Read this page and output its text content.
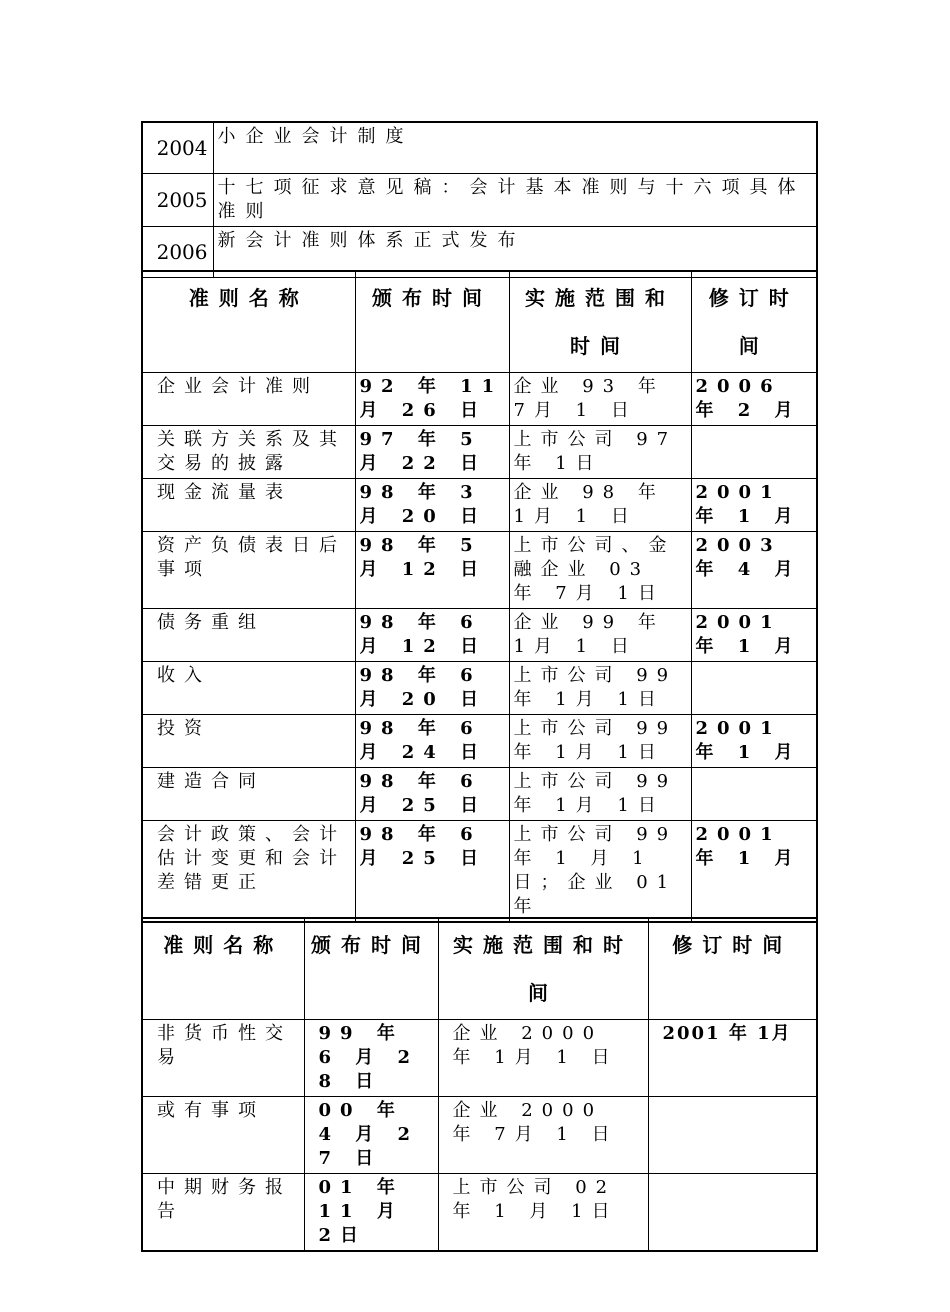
2004	小企业会计制度
2005	十七项征求意见稿：会计基本准则与十六项具体准则
2006	新会计准则体系正式发布
准则名称	颁布时间	实施范围和时间	修订时间
企业会计准则	92 年 11 月 26 日	企业 93 年 7月 1 日	2006 年 2 月
关联方关系及其交易的披露	97 年 5 月 22 日	上市公司 97 年 1日	
现金流量表	98 年 3 月 20 日	企业 98 年 1月 1 日	2001 年 1 月
资产负债表日后事项	98 年 5 月 12 日	上市公司、金融企业 03 年 7月 1日	2003 年 4 月
债务重组	98 年 6 月 12 日	企业 99 年 1月 1 日	2001 年 1 月
收入	98 年 6 月 20 日	上市公司 99 年 1月 1日	
投资	98 年 6 月 24 日	上市公司 99 年 1月 1日	2001 年 1 月
建造合同	98 年 6 月 25 日	上市公司 99 年 1月 1日	
会计政策、会计估计变更和会计差错更正	98 年 6 月 25 日	上市公司 99 年 1 月 1 日；企业 01 年	2001 年 1 月
准则名称	颁布时间	实施范围和时间	修订时间
非货币性交易	99 年 6 月 28 日	企业 2000 年 1月 1 日	2001 年 1月
或有事项	00 年 4 月 27 日	企业 2000 年 7月 1 日	
中期财务报告	01 年 11 月 2日	上市公司 02 年 1 月 1日	
